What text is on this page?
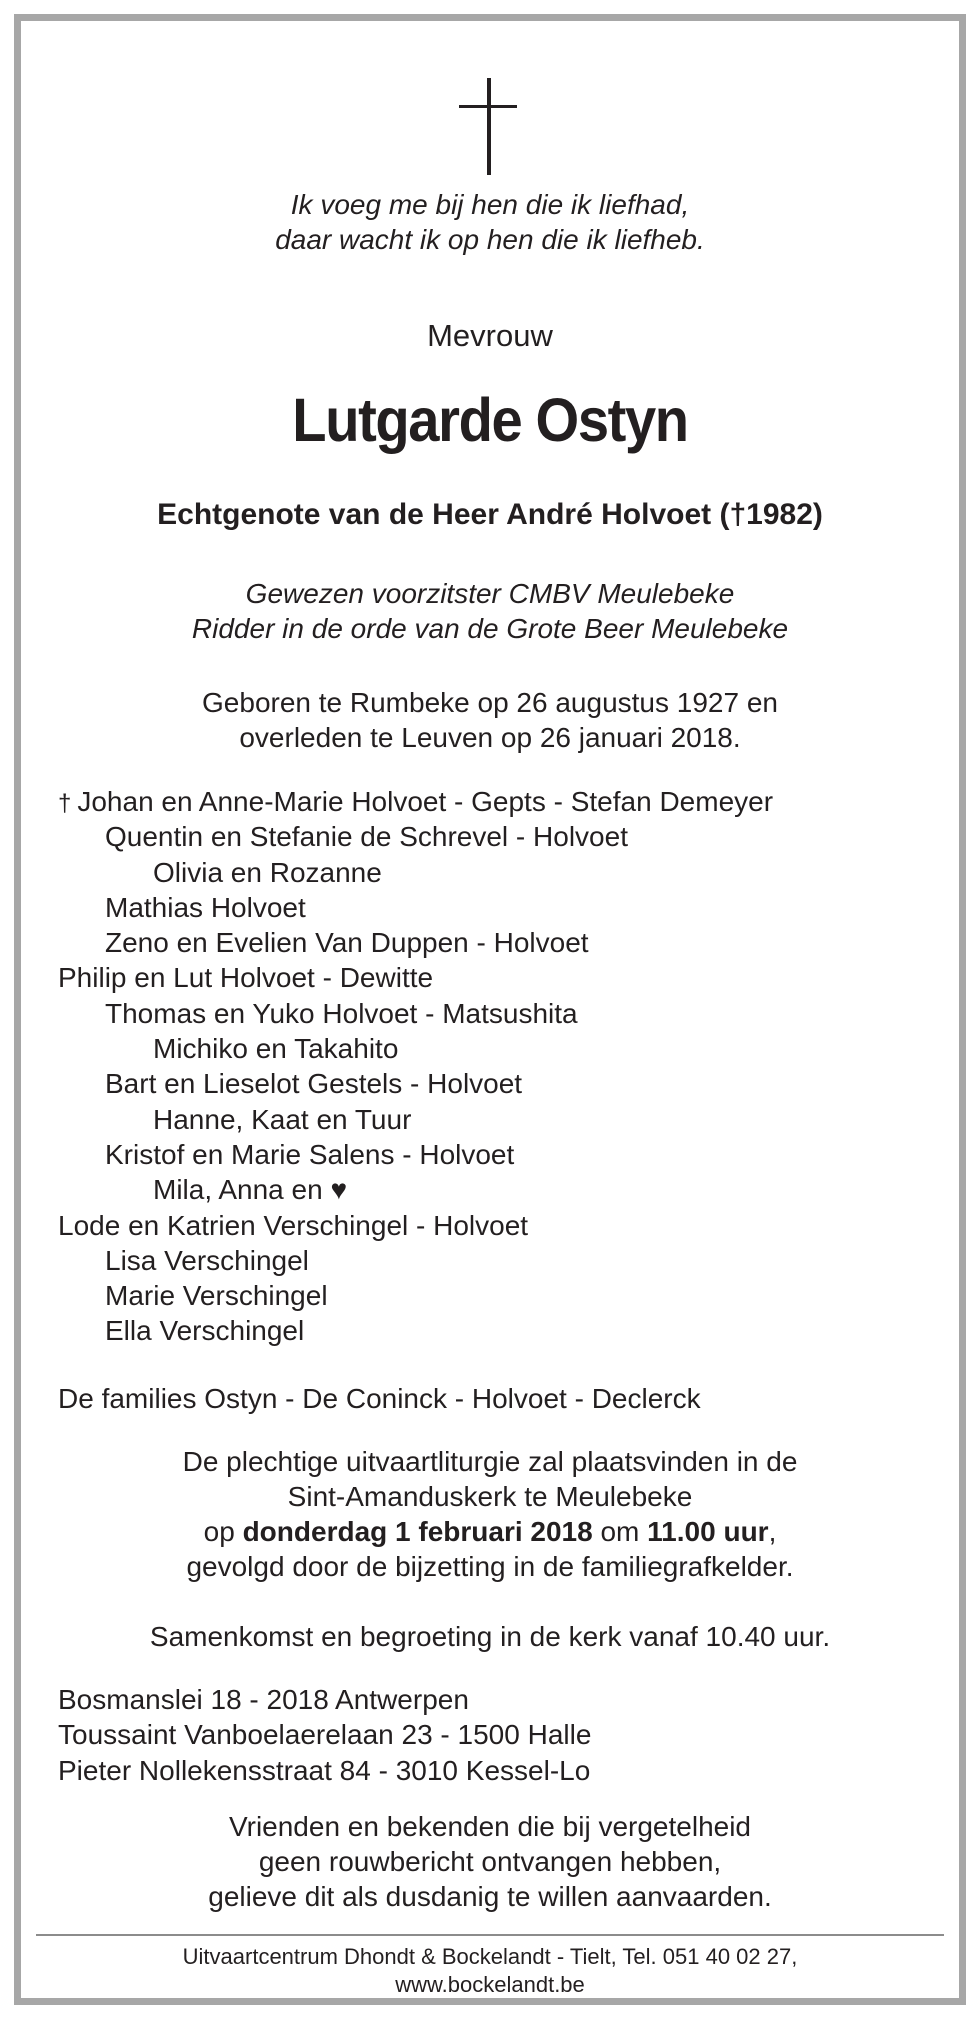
Ik voeg me bij hen die ik liefhad,
daar wacht ik op hen die ik liefheb.
Mevrouw
Lutgarde Ostyn
Echtgenote van de Heer André Holvoet (†1982)
Gewezen voorzitster CMBV Meulebeke
Ridder in de orde van de Grote Beer Meulebeke
Geboren te Rumbeke op 26 augustus 1927 en
overleden te Leuven op 26 januari 2018.
† Johan en Anne-Marie Holvoet - Gepts - Stefan Demeyer
Quentin en Stefanie de Schrevel - Holvoet
Olivia en Rozanne
Mathias Holvoet
Zeno en Evelien Van Duppen - Holvoet
Philip en Lut Holvoet - Dewitte
Thomas en Yuko Holvoet - Matsushita
Michiko en Takahito
Bart en Lieselot Gestels - Holvoet
Hanne, Kaat en Tuur
Kristof en Marie Salens - Holvoet
Mila, Anna en ♥
Lode en Katrien Verschingel - Holvoet
Lisa Verschingel
Marie Verschingel
Ella Verschingel
De families Ostyn - De Coninck - Holvoet - Declerck
De plechtige uitvaartliturgie zal plaatsvinden in de
Sint-Amanduskerk te Meulebeke
op donderdag 1 februari 2018 om 11.00 uur,
gevolgd door de bijzetting in de familiegrafkelder.
Samenkomst en begroeting in de kerk vanaf 10.40 uur.
Bosmanslei 18 - 2018 Antwerpen
Toussaint Vanboelaerelaan 23 - 1500 Halle
Pieter Nollekensstraat 84 - 3010 Kessel-Lo
Vrienden en bekenden die bij vergetelheid
geen rouwbericht ontvangen hebben,
gelieve dit als dusdanig te willen aanvaarden.
Uitvaartcentrum Dhondt & Bockelandt - Tielt, Tel. 051 40 02 27,
www.bockelandt.be
